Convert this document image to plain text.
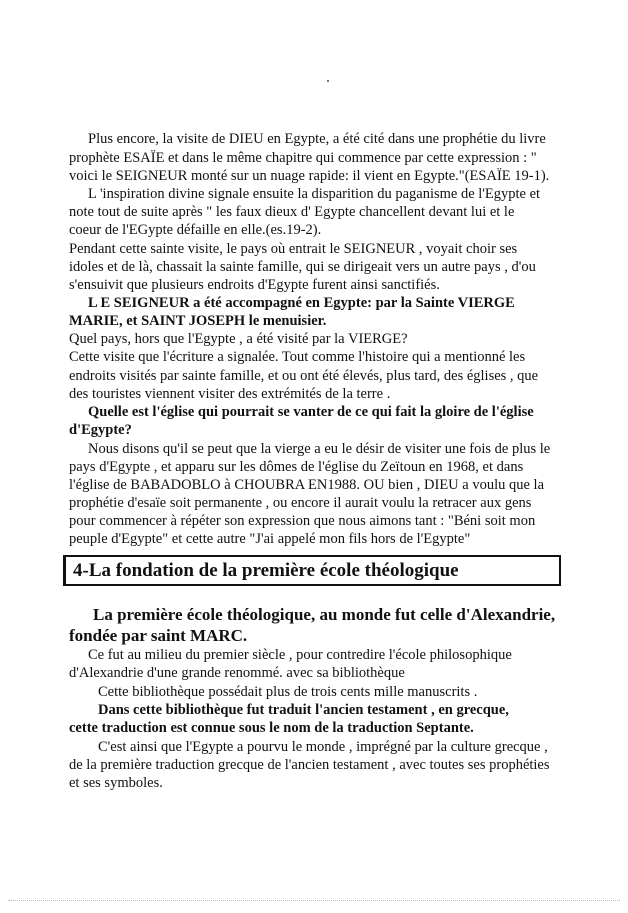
Plus encore, la visite de DIEU en Egypte, a été cité dans une prophétie du livre

prophète ESAÏE et dans le même chapitre qui commence par cette expression : "

voici le SEIGNEUR monté sur un nuage rapide: il vient en Egypte."(ESAÏE 19-1).

L 'inspiration divine signale ensuite la disparition du paganisme de l'Egypte et

note tout de suite après " les faux dieux d' Egypte chancellent devant lui et le

coeur de l'EGypte défaille en elle.(es.19-2).

Pendant cette sainte visite, le pays où entrait le SEIGNEUR , voyait choir ses

idoles et de là, chassait la sainte famille, qui se dirigeait vers un autre pays , d'ou

s'ensuivit que plusieurs endroits d'Egypte furent ainsi sanctifiés.

L E SEIGNEUR a été accompagné en Egypte: par la Sainte VIERGE

MARIE, et SAINT JOSEPH le menuisier.

Quel pays, hors que l'Egypte , a été visité par la VIERGE?

Cette visite que l'écriture a signalée. Tout comme l'histoire qui a mentionné les

endroits visités par sainte famille, et ou ont été élevés, plus tard, des églises , que

des touristes viennent visiter des extrémités de la terre .

Quelle est l'église qui pourrait se vanter de ce qui fait la gloire de l'église

d'Egypte?

Nous disons qu'il se peut que la vierge a eu le désir de visiter une fois de plus le

pays d'Egypte , et apparu sur les dômes de l'église du Zeïtoun en 1968, et dans

l'église de BABADOBLO à CHOUBRA EN1988. OU bien , DIEU a voulu que la

prophétie d'esaïe soit permanente , ou encore il aurait voulu la retracer aux gens

pour commencer à répéter son expression que nous aimons tant : "Béni soit mon

peuple d'Egypte" et cette autre "J'ai appelé mon fils hors de l'Egypte"

4-La fondation de la première école théologique

La première école théologique, au monde fut celle d'Alexandrie,

fondée par saint MARC.

Ce fut au milieu du premier siècle , pour contredire l'école philosophique

d'Alexandrie d'une grande renommé. avec sa bibliothèque

Cette bibliothèque possédait plus de trois cents mille manuscrits .

Dans cette bibliothèque fut traduit l'ancien testament , en grecque,

cette traduction est connue sous le nom de la traduction Septante.

C'est ainsi que l'Egypte a pourvu le monde , imprégné par la culture grecque ,

de la première traduction grecque de l'ancien testament , avec toutes ses prophéties

et ses symboles.
